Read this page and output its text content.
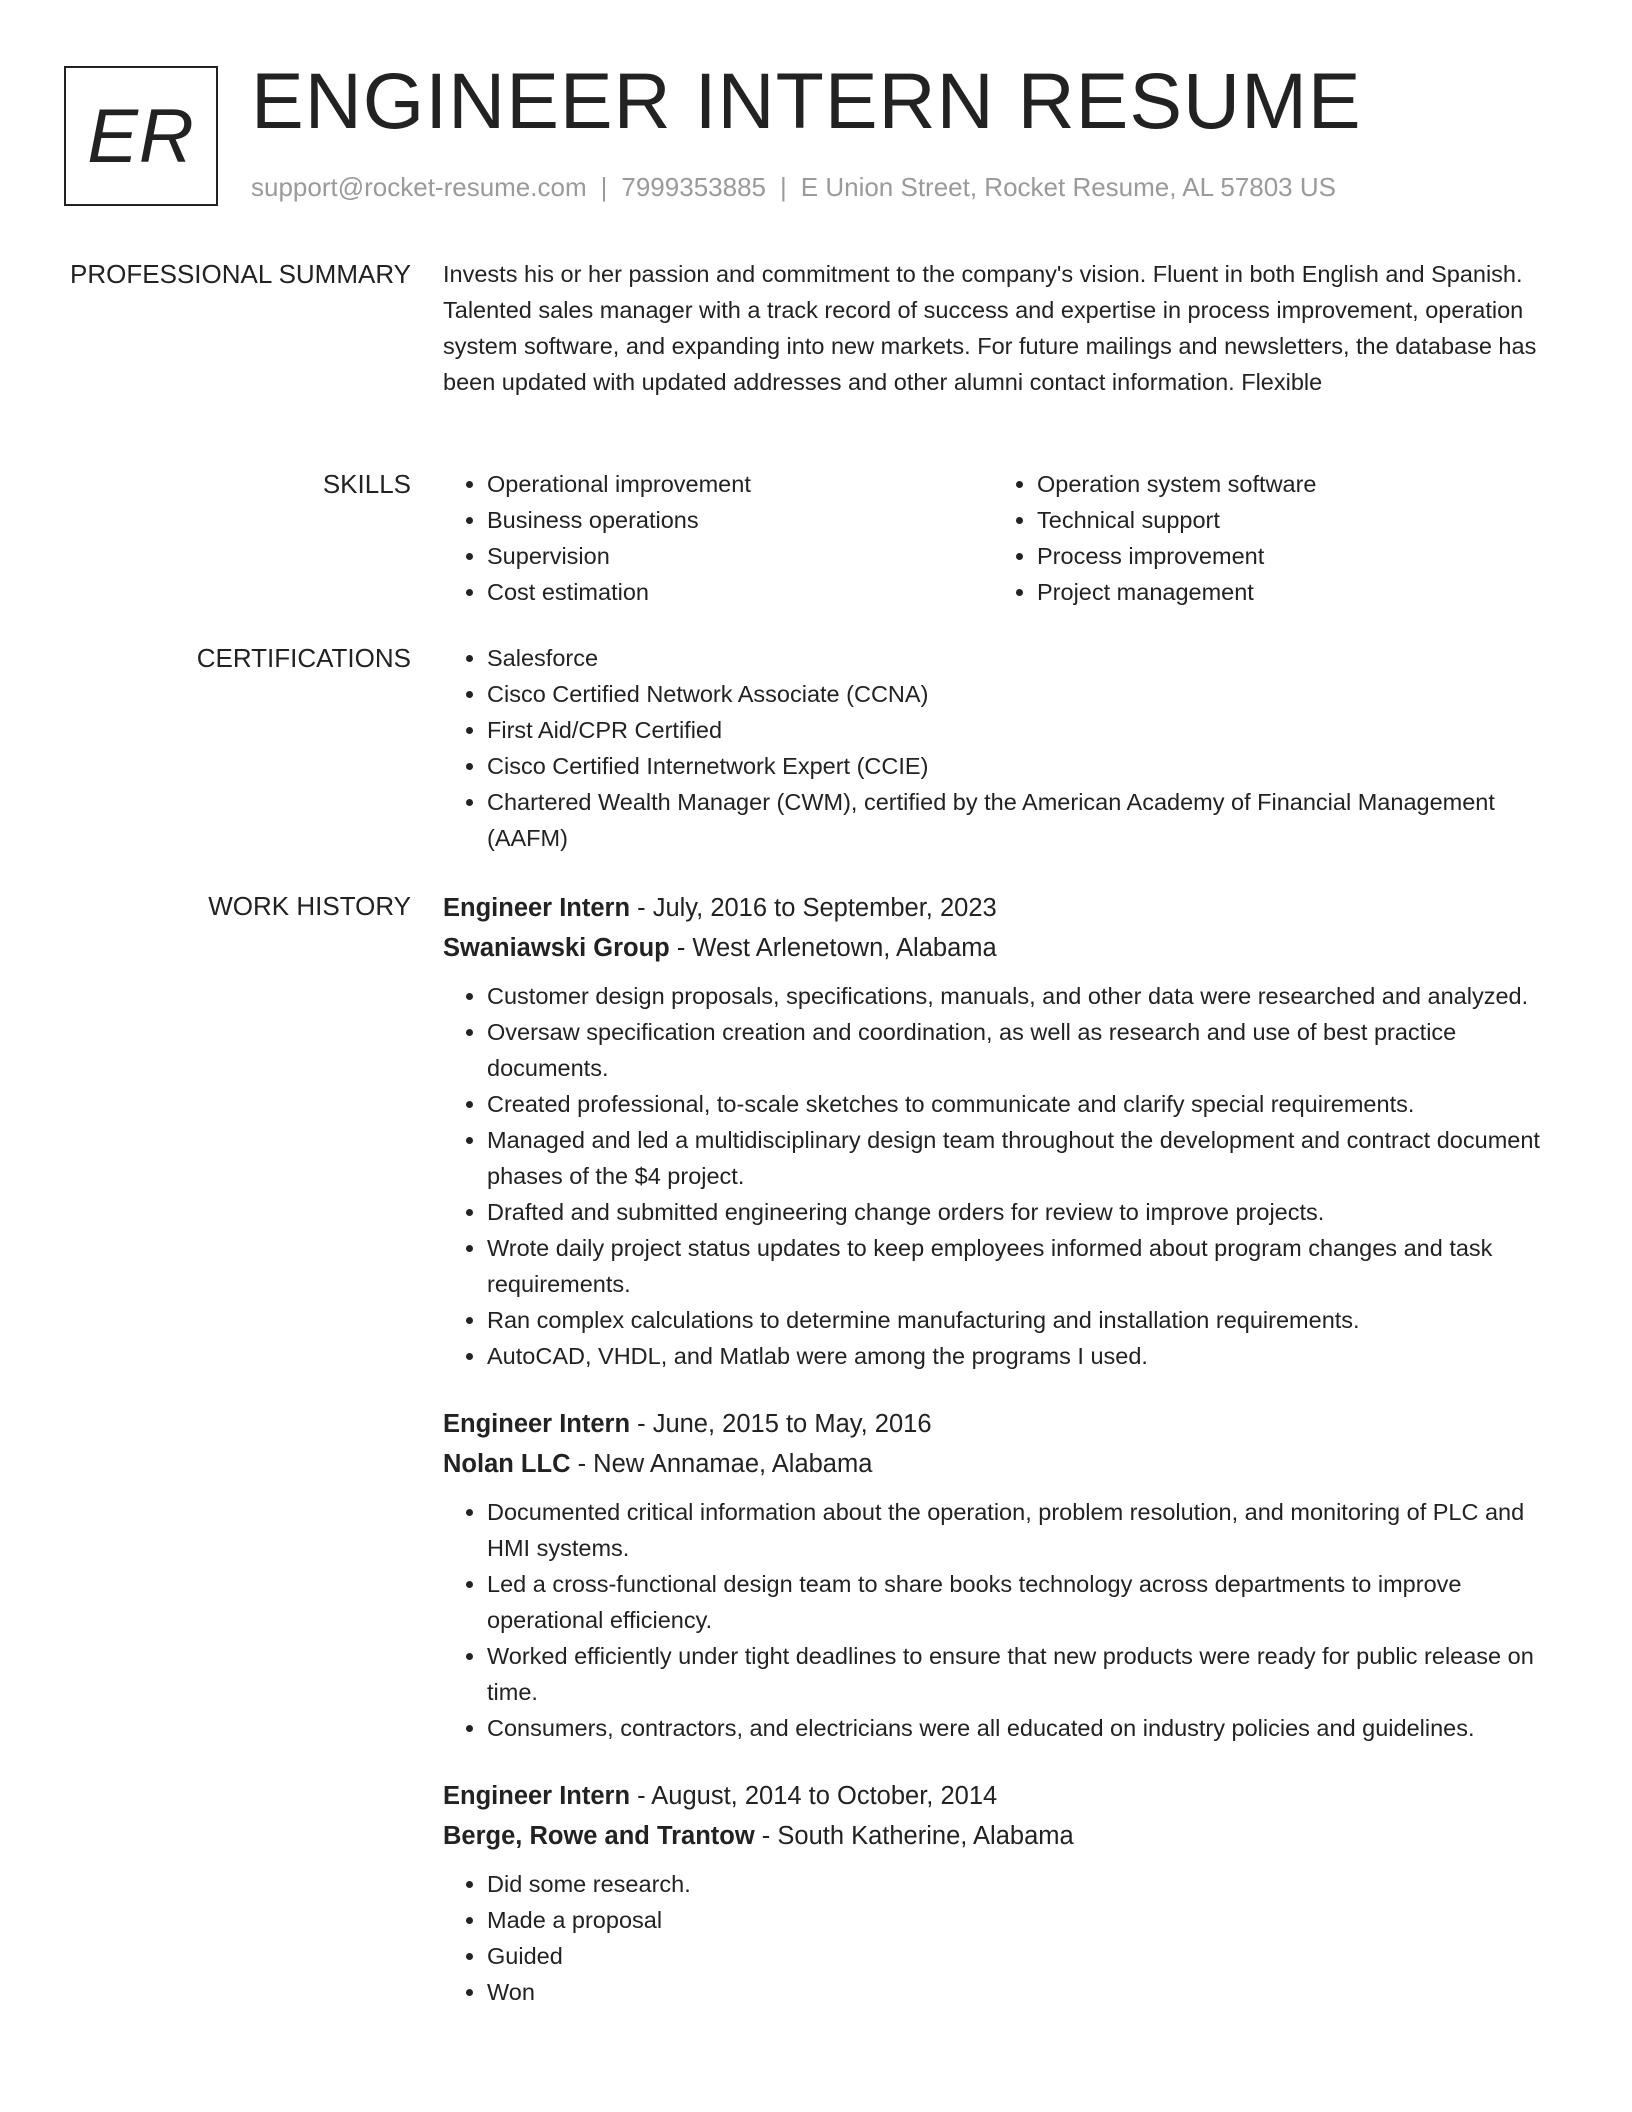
ER ENGINEER INTERN RESUME
support@rocket-resume.com | 7999353885 | E Union Street, Rocket Resume, AL 57803 US
PROFESSIONAL SUMMARY Invests his or her passion and commitment to the company's vision. Fluent in both English and Spanish. Talented sales manager with a track record of success and expertise in process improvement, operation system software, and expanding into new markets. For future mailings and newsletters, the database has been updated with updated addresses and other alumni contact information. Flexible

SKILLS	• Operational improvement
• Business operations
• Supervision
• Cost estimation
• Operation system software
• Technical support
• Process improvement
• Project management
CERTIFICATIONS	• Salesforce
• Cisco Certified Network Associate (CCNA)
• First Aid/CPR Certified
• Cisco Certified Internetwork Expert (CCIE)
• Chartered Wealth Manager (CWM), certified by the American Academy of Financial Management (AAFM)
WORK HISTORY Engineer Intern - July, 2016 to September, 2023
Swaniawski Group - West Arlenetown, Alabama
• Customer design proposals, specifications, manuals, and other data were researched and analyzed.
• Oversaw specification creation and coordination, as well as research and use of best practice documents.
• Created professional, to-scale sketches to communicate and clarify special requirements.
• Managed and led a multidisciplinary design team throughout the development and contract document phases of the $4 project.
• Drafted and submitted engineering change orders for review to improve projects.
• Wrote daily project status updates to keep employees informed about program changes and task requirements.
• Ran complex calculations to determine manufacturing and installation requirements.
• AutoCAD, VHDL, and Matlab were among the programs I used.
Engineer Intern - June, 2015 to May, 2016
Nolan LLC - New Annamae, Alabama
• Documented critical information about the operation, problem resolution, and monitoring of PLC and HMI systems.
• Led a cross-functional design team to share books technology across departments to improve operational efficiency.
• Worked efficiently under tight deadlines to ensure that new products were ready for public release on time.
• Consumers, contractors, and electricians were all educated on industry policies and guidelines.
Engineer Intern - August, 2014 to October, 2014
Berge, Rowe and Trantow - South Katherine, Alabama
• Did some research.
• Made a proposal
• Guided
• Won
